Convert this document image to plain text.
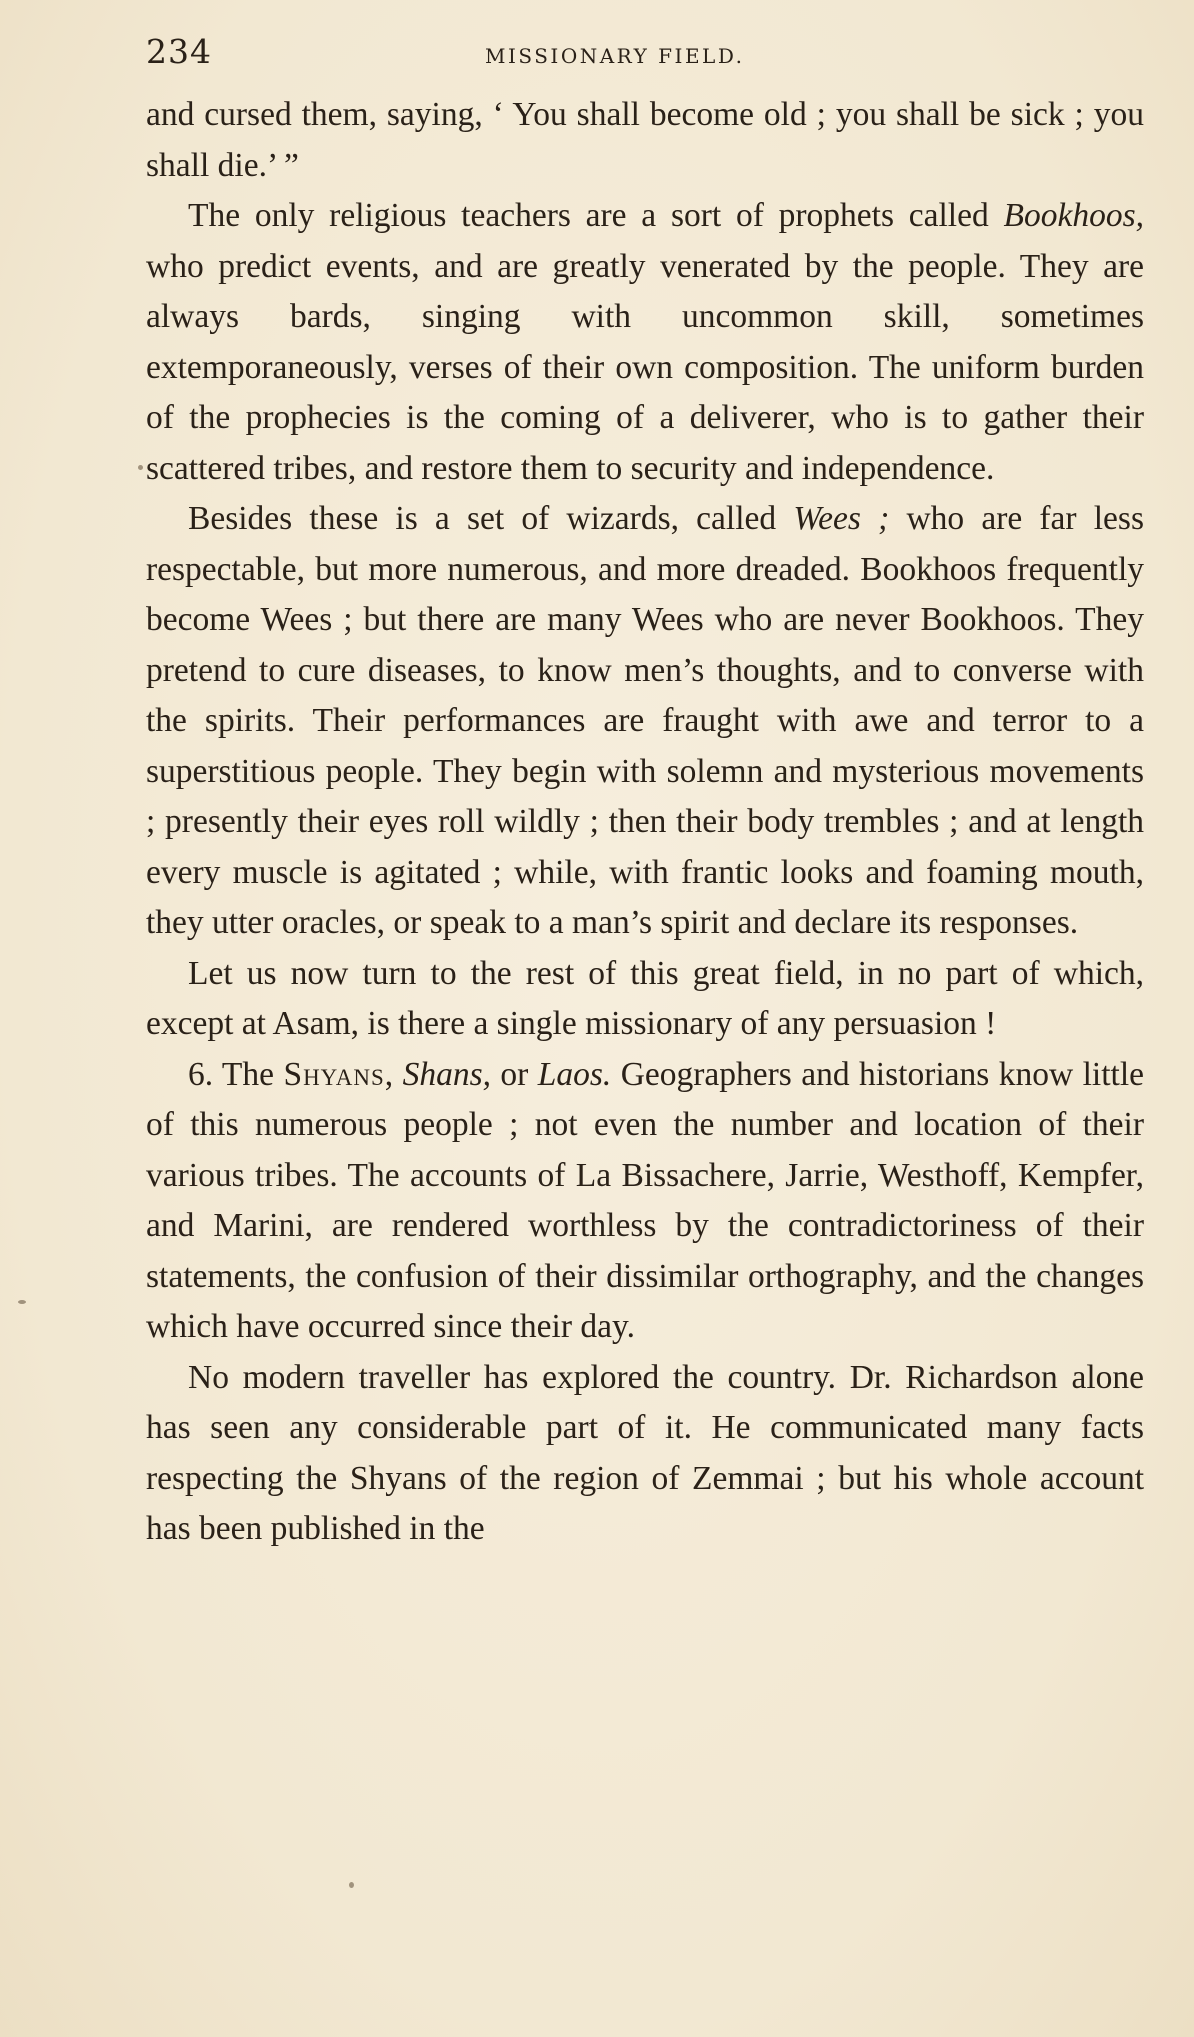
234	MISSIONARY FIELD.

and cursed them, saying, ‘ You shall become old ; you shall be sick ; you shall die.’ ”

The only religious teachers are a sort of prophets called Bookhoos, who predict events, and are greatly venerated by the people. They are always bards, singing with uncommon skill, sometimes extemporaneously, verses of their own composition. The uniform burden of the prophecies is the coming of a deliverer, who is to gather their scattered tribes, and restore them to security and independence.

Besides these is a set of wizards, called Wees ; who are far less respectable, but more numerous, and more dreaded. Bookhoos frequently become Wees ; but there are many Wees who are never Bookhoos. They pretend to cure diseases, to know men’s thoughts, and to converse with the spirits. Their performances are fraught with awe and terror to a superstitious people. They begin with solemn and mysterious movements ; presently their eyes roll wildly ; then their body trembles ; and at length every muscle is agitated ; while, with frantic looks and foaming mouth, they utter oracles, or speak to a man’s spirit and declare its responses.

Let us now turn to the rest of this great field, in no part of which, except at Asam, is there a single missionary of any persuasion !

6. The Shyans, Shans, or Laos. Geographers and historians know little of this numerous people ; not even the number and location of their various tribes. The accounts of La Bissachere, Jarrie, Westhoff, Kempfer, and Marini, are rendered worthless by the contradictoriness of their statements, the confusion of their dissimilar orthography, and the changes which have occurred since their day.

No modern traveller has explored the country. Dr. Richardson alone has seen any considerable part of it. He communicated many facts respecting the Shyans of the region of Zemmai ; but his whole account has been published in the
